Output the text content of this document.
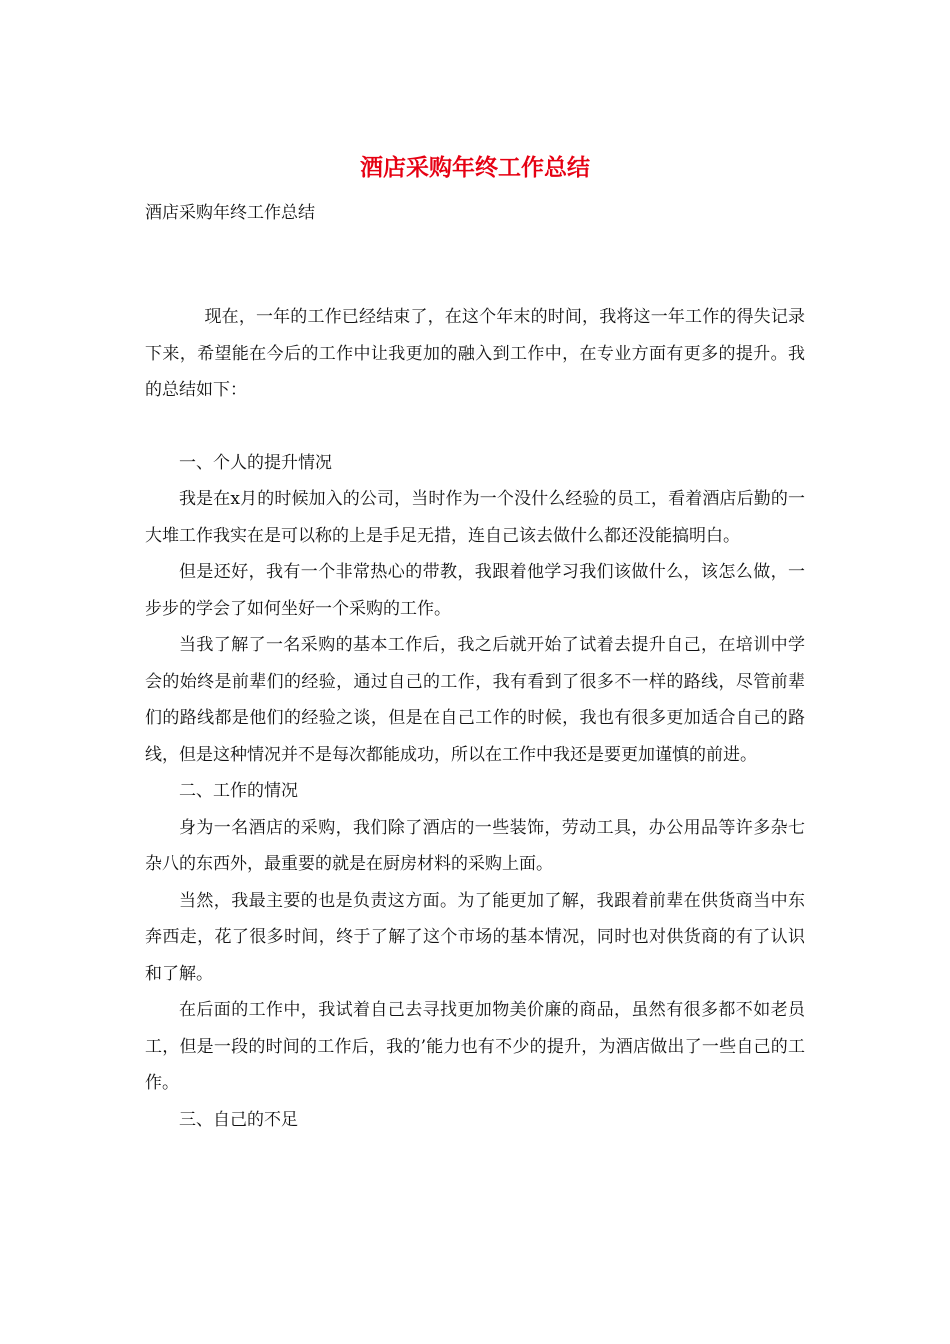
酒店采购年终工作总结

酒店采购年终工作总结

现在，一年的工作已经结束了，在这个年末的时间，我将这一年工作的得失记录下来，希望能在今后的工作中让我更加的融入到工作中，在专业方面有更多的提升。我的总结如下：

一、个人的提升情况

我是在x月的时候加入的公司，当时作为一个没什么经验的员工，看着酒店后勤的一大堆工作我实在是可以称的上是手足无措，连自己该去做什么都还没能搞明白。

但是还好，我有一个非常热心的带教，我跟着他学习我们该做什么，该怎么做，一步步的学会了如何坐好一个采购的工作。

当我了解了一名采购的基本工作后，我之后就开始了试着去提升自己，在培训中学会的始终是前辈们的经验，通过自己的工作，我有看到了很多不一样的路线，尽管前辈们的路线都是他们的经验之谈，但是在自己工作的时候，我也有很多更加适合自己的路线，但是这种情况并不是每次都能成功，所以在工作中我还是要更加谨慎的前进。

二、工作的情况

身为一名酒店的采购，我们除了酒店的一些装饰，劳动工具，办公用品等许多杂七杂八的东西外，最重要的就是在厨房材料的采购上面。

当然，我最主要的也是负责这方面。为了能更加了解，我跟着前辈在供货商当中东奔西走，花了很多时间，终于了解了这个市场的基本情况，同时也对供货商的有了认识和了解。

在后面的工作中，我试着自己去寻找更加物美价廉的商品，虽然有很多都不如老员工，但是一段的时间的工作后，我的’能力也有不少的提升，为酒店做出了一些自己的工作。

三、自己的不足
